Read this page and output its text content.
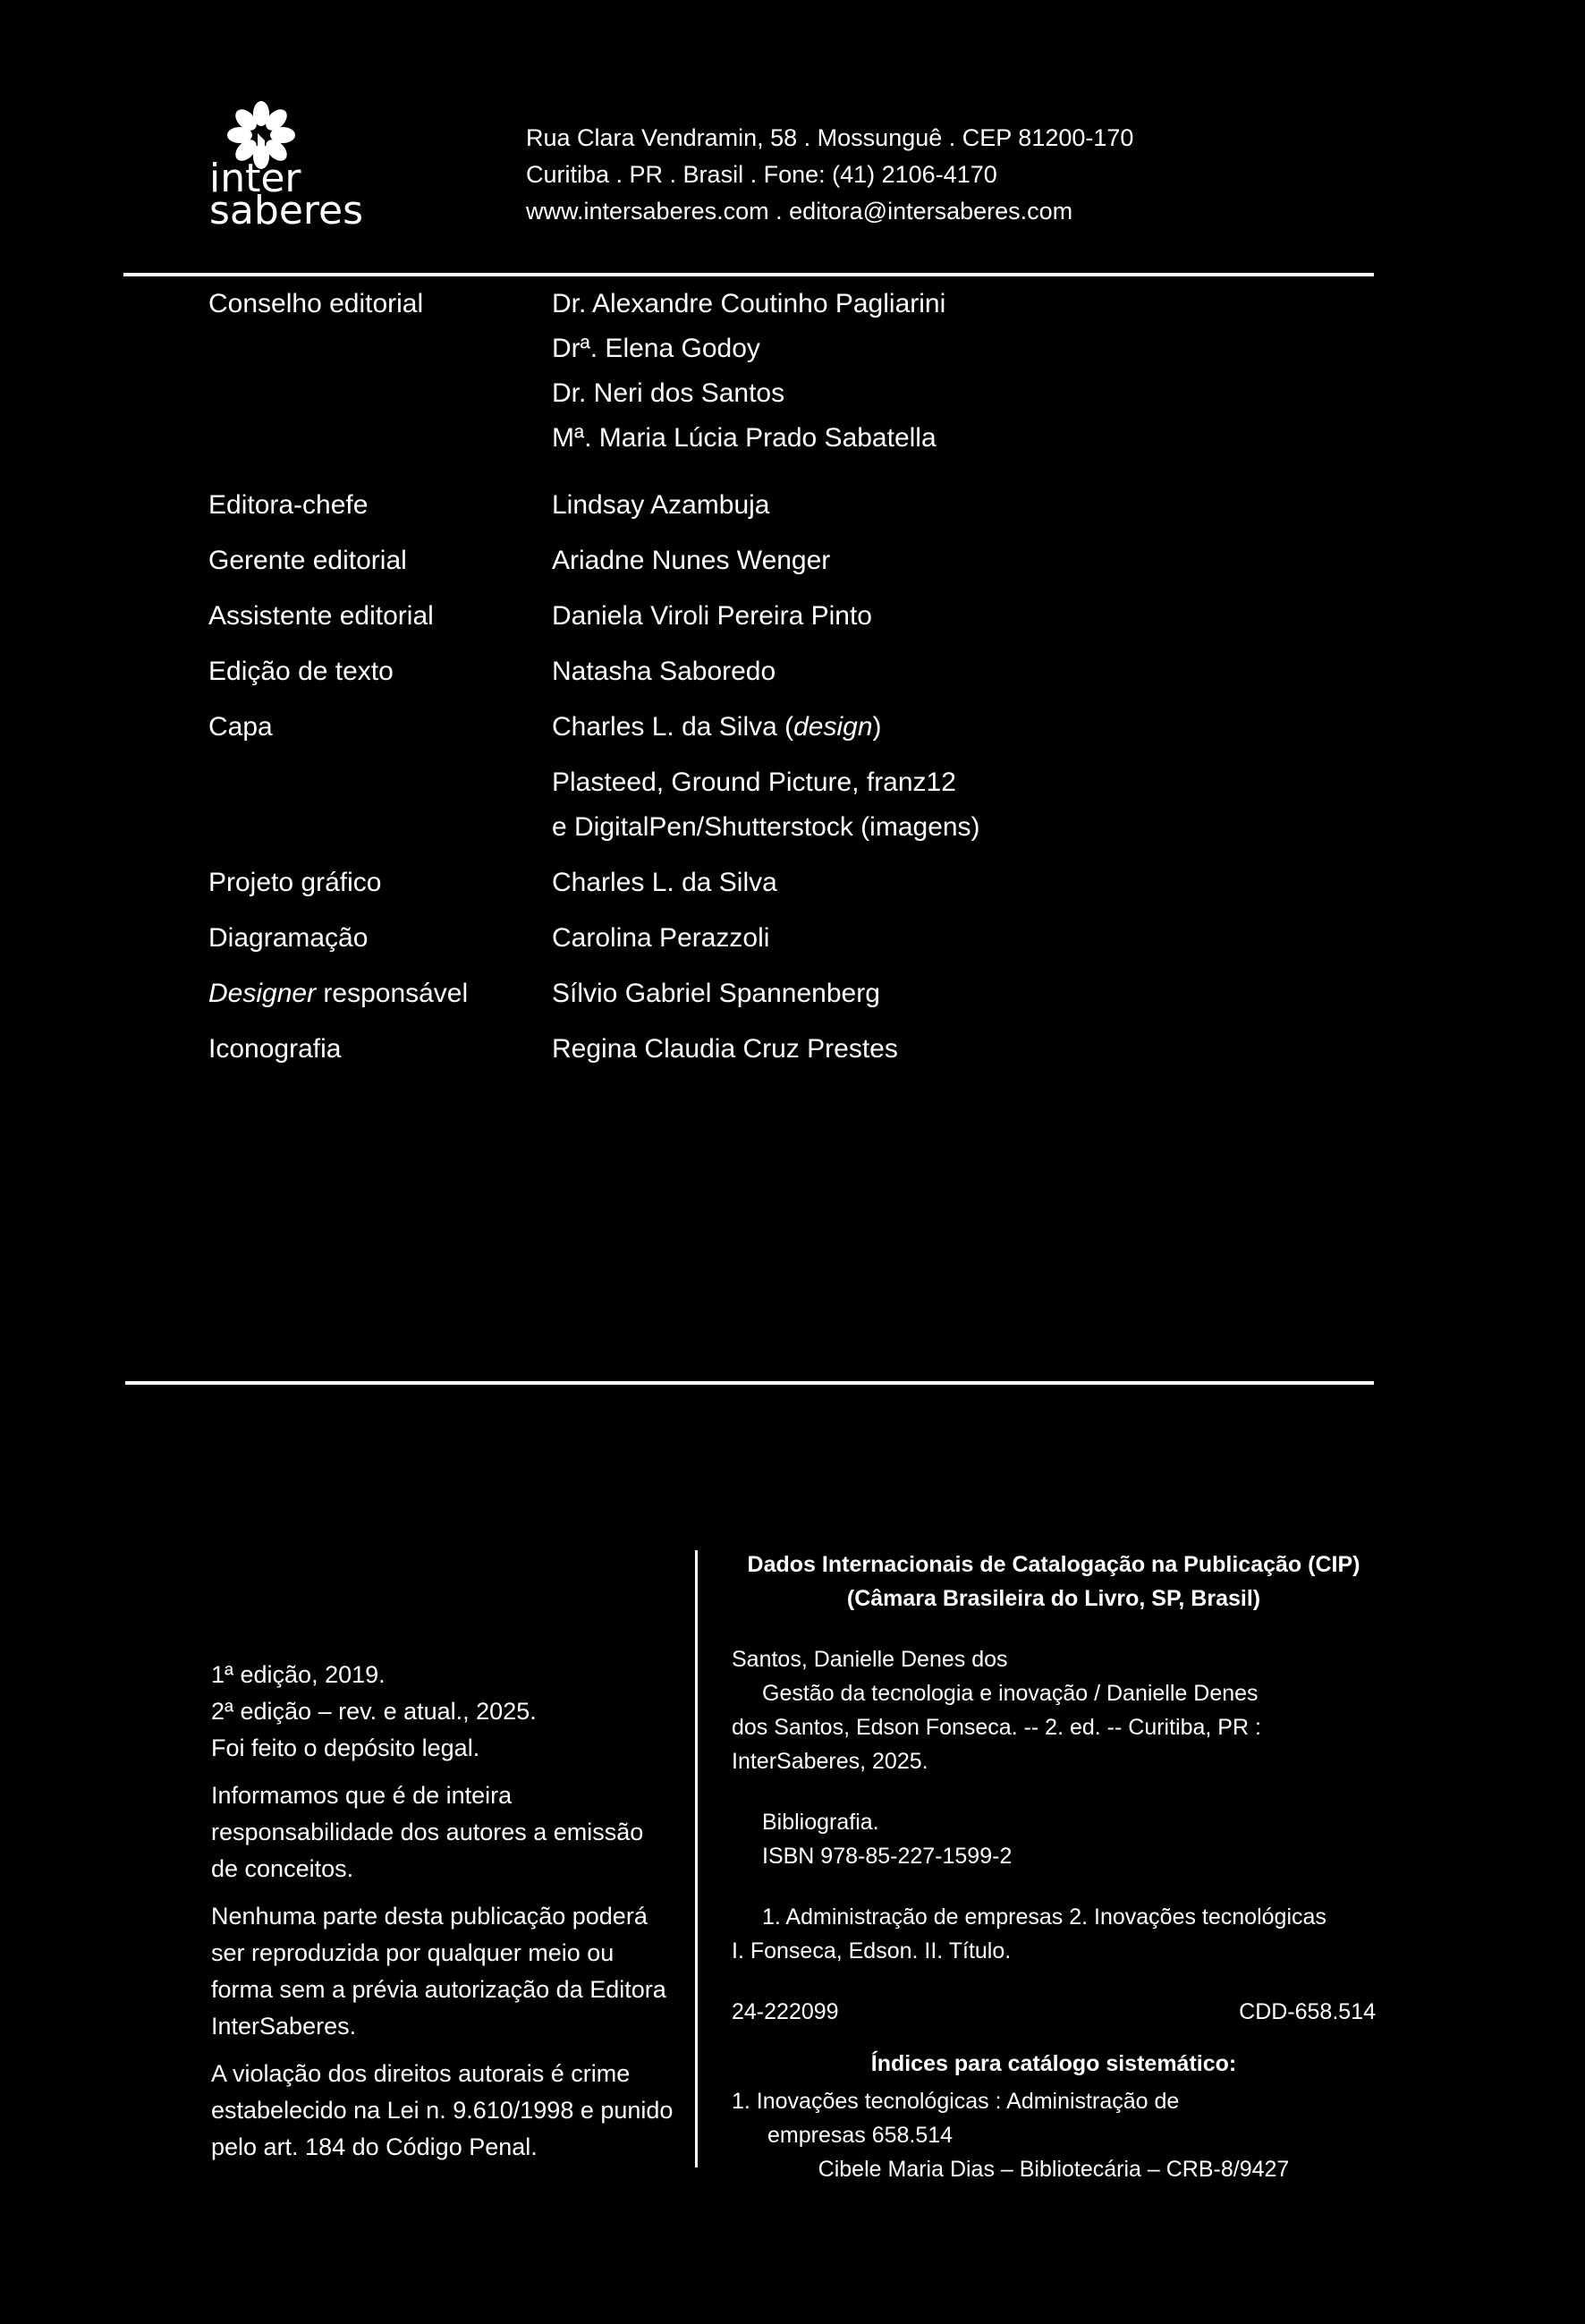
inter
saberes
Rua Clara Vendramin, 58 . Mossunguê . CEP 81200-170
Curitiba . PR . Brasil . Fone: (41) 2106-4170
www.intersaberes.com . editora@intersaberes.com
Conselho editorial	Dr. Alexandre Coutinho Pagliarini
Drª. Elena Godoy
Dr. Neri dos Santos
Mª. Maria Lúcia Prado Sabatella
Editora-chefe	Lindsay Azambuja
Gerente editorial	Ariadne Nunes Wenger
Assistente editorial	Daniela Viroli Pereira Pinto
Edição de texto	Natasha Saboredo
Capa	Charles L. da Silva (design)
Plasteed, Ground Picture, franz12
e DigitalPen/Shutterstock (imagens)
Projeto gráfico	Charles L. da Silva
Diagramação	Carolina Perazzoli
Designer responsável	Sílvio Gabriel Spannenberg
Iconografia	Regina Claudia Cruz Prestes

1ª edição, 2019.

2ª edição – rev. e atual., 2025.

Foi feito o depósito legal.

Informamos que é de inteira responsabilidade dos autores a emissão de conceitos.

Nenhuma parte desta publicação poderá ser reproduzida por qualquer meio ou forma sem a prévia autorização da Editora InterSaberes.

A violação dos direitos autorais é crime estabelecido na Lei n. 9.610/1998 e punido pelo art. 184 do Código Penal.

Dados Internacionais de Catalogação na Publicação (CIP)
(Câmara Brasileira do Livro, SP, Brasil)
Santos, Danielle Denes dos
Gestão da tecnologia e inovação / Danielle Denes
dos Santos, Edson Fonseca. -- 2. ed. -- Curitiba, PR :
InterSaberes, 2025.
Bibliografia.
ISBN 978-85-227-1599-2
1. Administração de empresas 2. Inovações tecnológicas
I. Fonseca, Edson. II. Título.
24-222099	CDD-658.514
Índices para catálogo sistemático:
1. Inovações tecnológicas : Administração de
empresas 658.514
Cibele Maria Dias – Bibliotecária – CRB-8/9427
